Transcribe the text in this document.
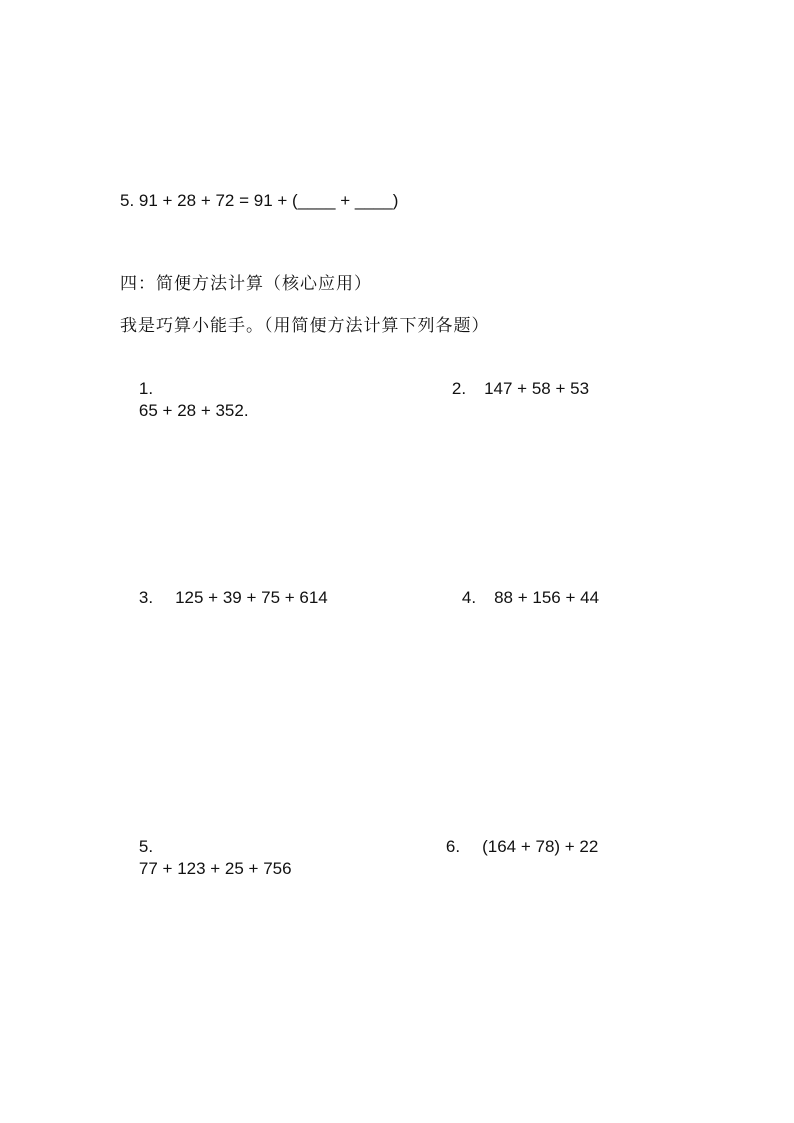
5. 91 + 28 + 72 = 91 + (____ + ____)
四：简便方法计算（核心应用）
我是巧算小能手。（用简便方法计算下列各题）

1.
65 + 28 + 352.

2. 147 + 58 + 53

3. 125 + 39 + 75 + 614
	4. 88 + 156 + 44

5.
77 + 123 + 25 + 756

6. (164 + 78) + 22
